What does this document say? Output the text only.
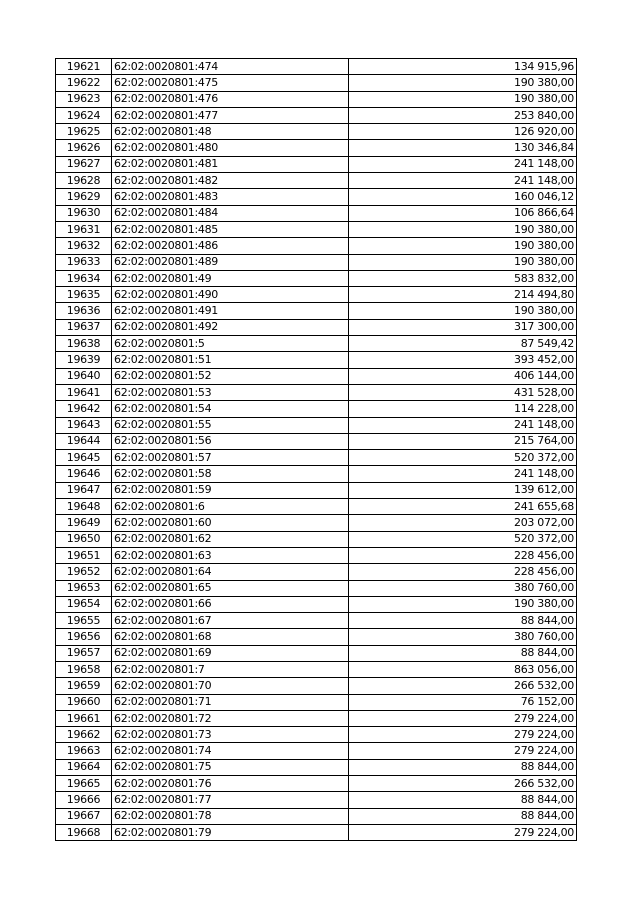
19621	62:02:0020801:474	134 915,96
19622	62:02:0020801:475	190 380,00
19623	62:02:0020801:476	190 380,00
19624	62:02:0020801:477	253 840,00
19625	62:02:0020801:48	126 920,00
19626	62:02:0020801:480	130 346,84
19627	62:02:0020801:481	241 148,00
19628	62:02:0020801:482	241 148,00
19629	62:02:0020801:483	160 046,12
19630	62:02:0020801:484	106 866,64
19631	62:02:0020801:485	190 380,00
19632	62:02:0020801:486	190 380,00
19633	62:02:0020801:489	190 380,00
19634	62:02:0020801:49	583 832,00
19635	62:02:0020801:490	214 494,80
19636	62:02:0020801:491	190 380,00
19637	62:02:0020801:492	317 300,00
19638	62:02:0020801:5	87 549,42
19639	62:02:0020801:51	393 452,00
19640	62:02:0020801:52	406 144,00
19641	62:02:0020801:53	431 528,00
19642	62:02:0020801:54	114 228,00
19643	62:02:0020801:55	241 148,00
19644	62:02:0020801:56	215 764,00
19645	62:02:0020801:57	520 372,00
19646	62:02:0020801:58	241 148,00
19647	62:02:0020801:59	139 612,00
19648	62:02:0020801:6	241 655,68
19649	62:02:0020801:60	203 072,00
19650	62:02:0020801:62	520 372,00
19651	62:02:0020801:63	228 456,00
19652	62:02:0020801:64	228 456,00
19653	62:02:0020801:65	380 760,00
19654	62:02:0020801:66	190 380,00
19655	62:02:0020801:67	88 844,00
19656	62:02:0020801:68	380 760,00
19657	62:02:0020801:69	88 844,00
19658	62:02:0020801:7	863 056,00
19659	62:02:0020801:70	266 532,00
19660	62:02:0020801:71	76 152,00
19661	62:02:0020801:72	279 224,00
19662	62:02:0020801:73	279 224,00
19663	62:02:0020801:74	279 224,00
19664	62:02:0020801:75	88 844,00
19665	62:02:0020801:76	266 532,00
19666	62:02:0020801:77	88 844,00
19667	62:02:0020801:78	88 844,00
19668	62:02:0020801:79	279 224,00
